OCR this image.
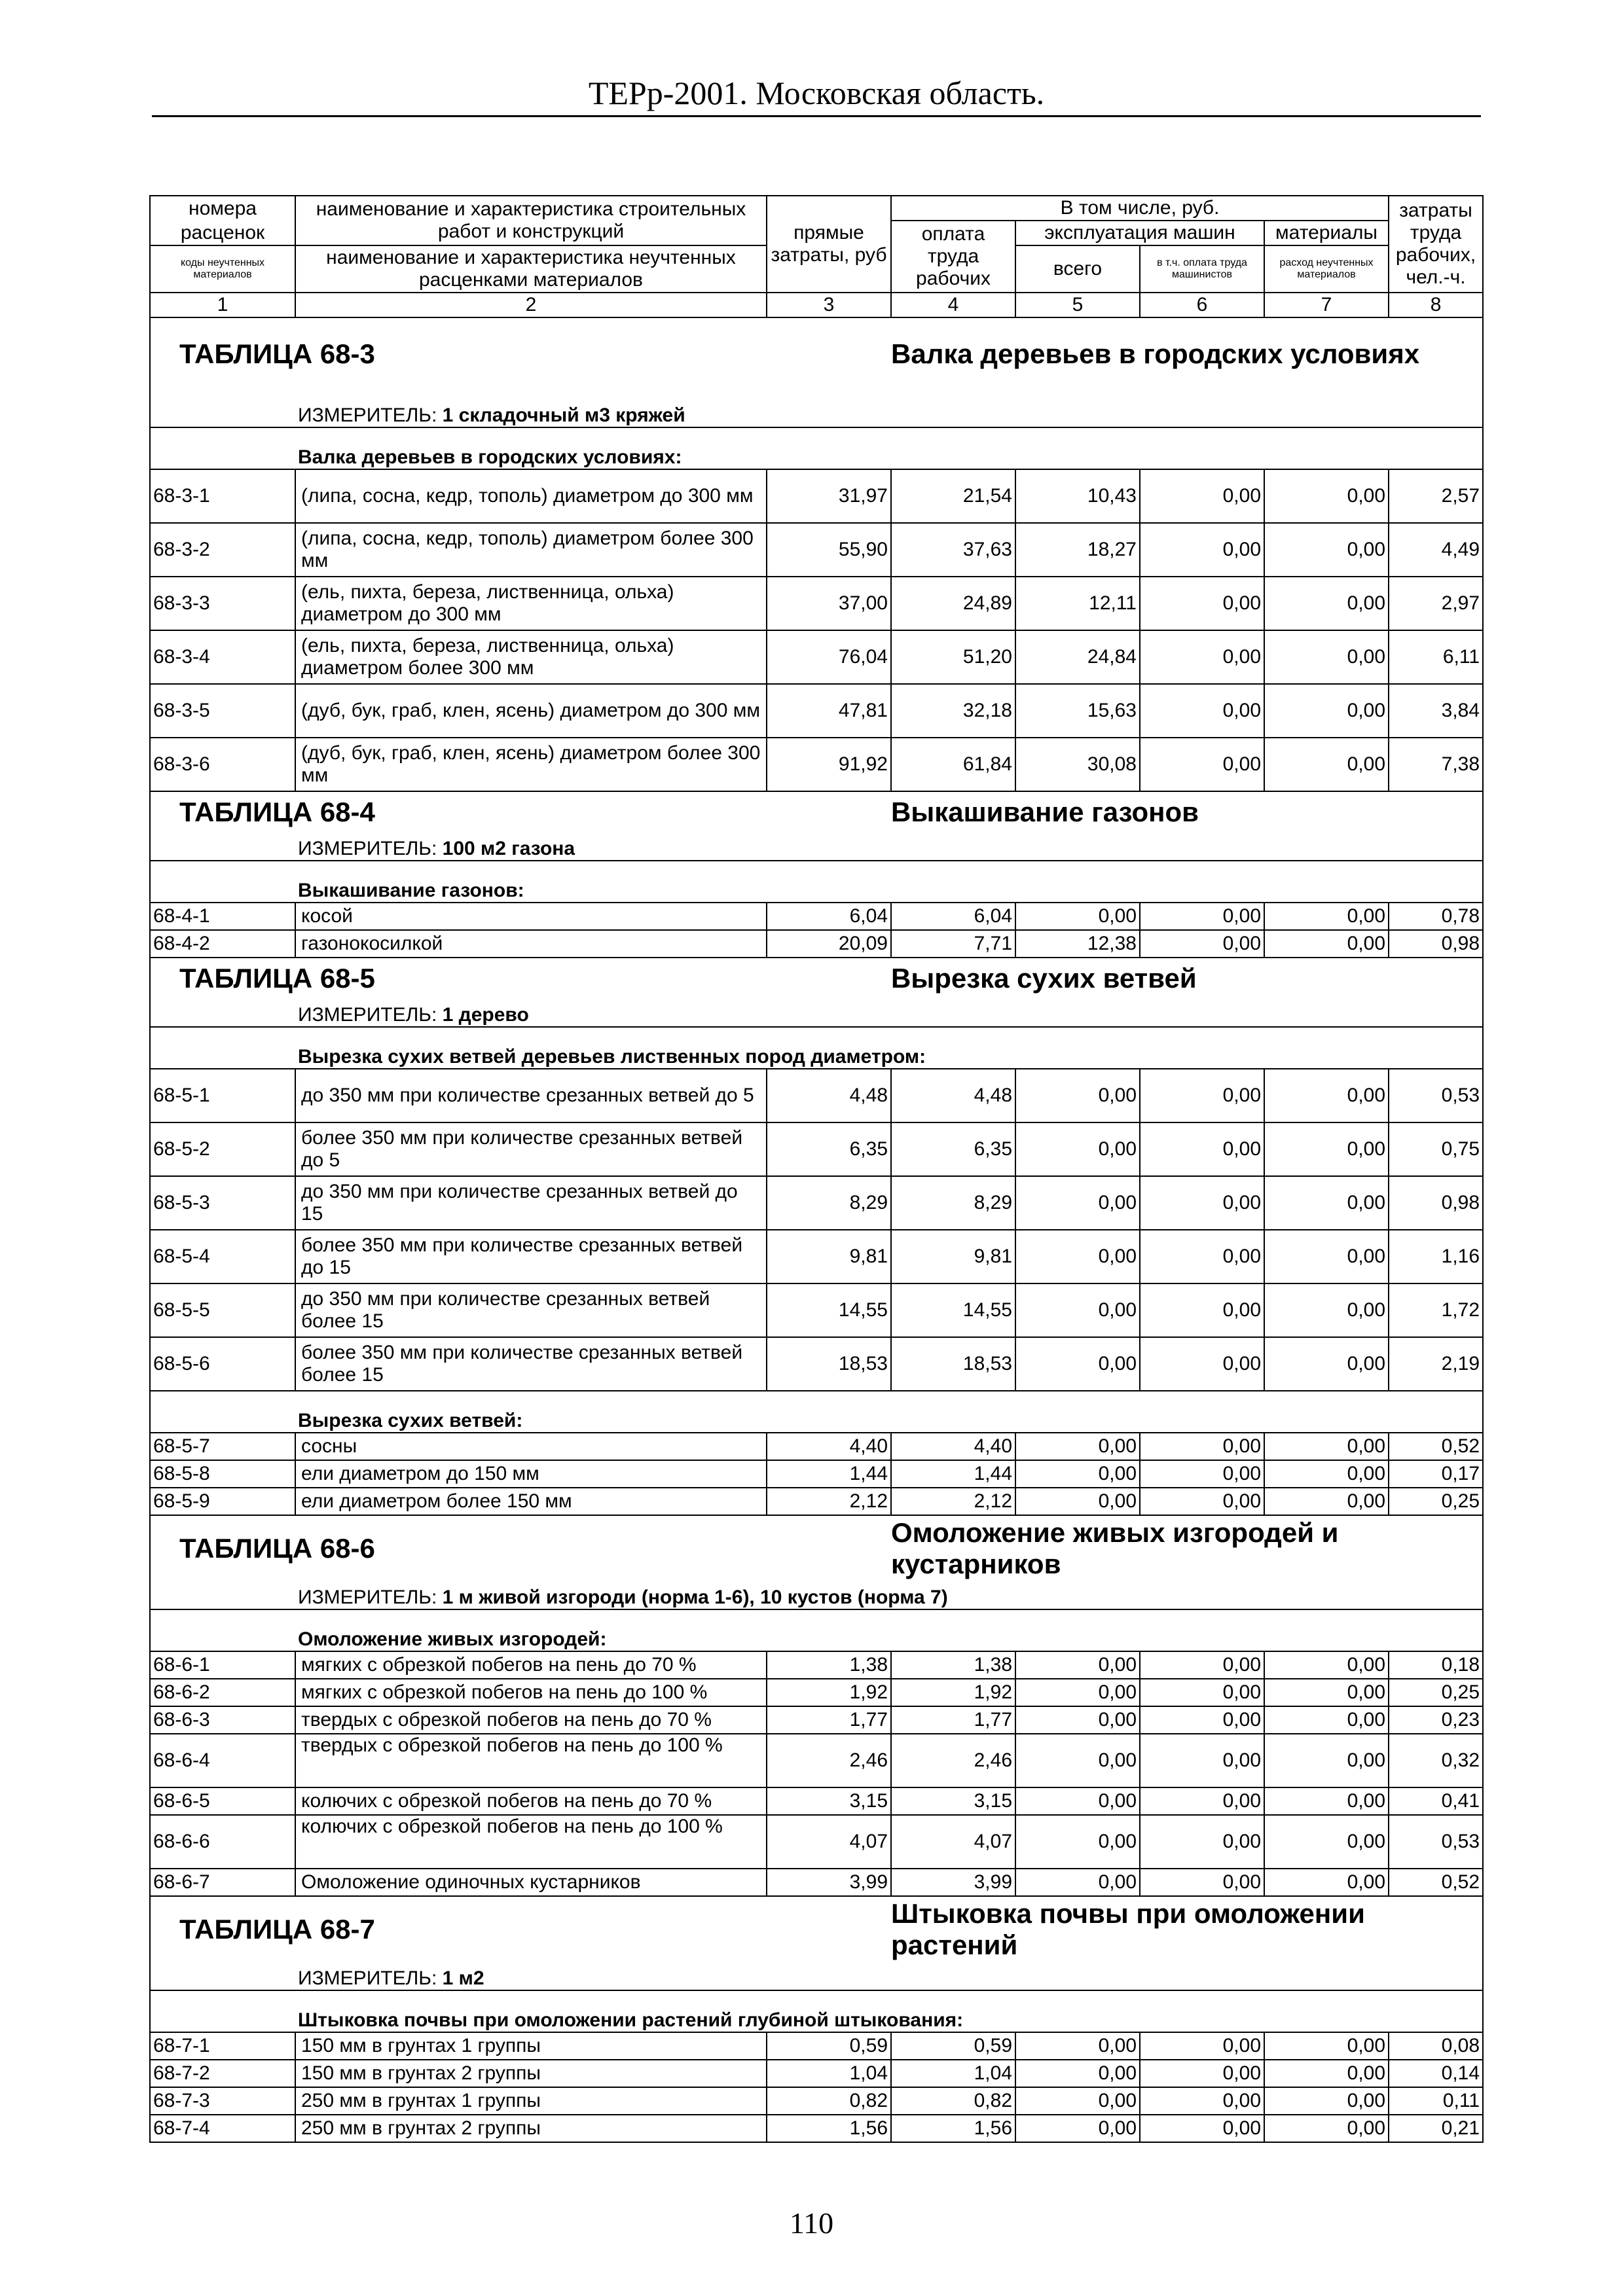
ТЕРр-2001. Московская область.
номера	наименование и характеристика строительных работ и конструкций	прямые затраты, руб	В том числе, руб.				затраты труда рабочих, чел.-ч.
расценок			оплата труда рабочих	эксплуатация машин		материалы	
коды неучтенных материалов	наименование и характеристика неучтенных расценками материалов			всего	в т.ч. оплата труда машинистов	расход неучтенных материалов	

1	2	3	4	5	6	7	8
ТАБЛИЦА 68-3			Валка деревьев в городских условиях				
	ИЗМЕРИТЕЛЬ: 1 складочный м3 кряжей						
	Валка деревьев в городских условиях:						
68-3-1	(липа, сосна, кедр, тополь) диаметром до 300 мм	31,97	21,54	10,43	0,00	0,00	2,57
68-3-2	(липа, сосна, кедр, тополь) диаметром более 300 мм	55,90	37,63	18,27	0,00	0,00	4,49
68-3-3	(ель, пихта, береза, лиственница, ольха) диаметром до 300 мм	37,00	24,89	12,11	0,00	0,00	2,97
68-3-4	(ель, пихта, береза, лиственница, ольха) диаметром более 300 мм	76,04	51,20	24,84	0,00	0,00	6,11
68-3-5	(дуб, бук, граб, клен, ясень) диаметром до 300 мм	47,81	32,18	15,63	0,00	0,00	3,84
68-3-6	(дуб, бук, граб, клен, ясень) диаметром более 300 мм	91,92	61,84	30,08	0,00	0,00	7,38
ТАБЛИЦА 68-4			Выкашивание газонов				
	ИЗМЕРИТЕЛЬ: 100 м2 газона						
	Выкашивание газонов:						
68-4-1	косой	6,04	6,04	0,00	0,00	0,00	0,78
68-4-2	газонокосилкой	20,09	7,71	12,38	0,00	0,00	0,98
ТАБЛИЦА 68-5			Вырезка сухих ветвей				
	ИЗМЕРИТЕЛЬ: 1 дерево						
	Вырезка сухих ветвей деревьев лиственных пород диаметром:						
68-5-1	до 350 мм при количестве срезанных ветвей до 5	4,48	4,48	0,00	0,00	0,00	0,53
68-5-2	более 350 мм при количестве срезанных ветвей до 5	6,35	6,35	0,00	0,00	0,00	0,75
68-5-3	до 350 мм при количестве срезанных ветвей до 15	8,29	8,29	0,00	0,00	0,00	0,98
68-5-4	более 350 мм при количестве срезанных ветвей до 15	9,81	9,81	0,00	0,00	0,00	1,16
68-5-5	до 350 мм при количестве срезанных ветвей более 15	14,55	14,55	0,00	0,00	0,00	1,72
68-5-6	более 350 мм при количестве срезанных ветвей более 15	18,53	18,53	0,00	0,00	0,00	2,19
	Вырезка сухих ветвей:						
68-5-7	сосны	4,40	4,40	0,00	0,00	0,00	0,52
68-5-8	ели диаметром до 150 мм	1,44	1,44	0,00	0,00	0,00	0,17
68-5-9	ели диаметром более 150 мм	2,12	2,12	0,00	0,00	0,00	0,25
ТАБЛИЦА 68-6			Омоложение живых изгородей и кустарников				
	ИЗМЕРИТЕЛЬ: 1 м живой изгороди (норма 1-6), 10 кустов (норма 7)						
	Омоложение живых изгородей:						
68-6-1	мягких с обрезкой побегов на пень до 70 %	1,38	1,38	0,00	0,00	0,00	0,18
68-6-2	мягких с обрезкой побегов на пень до 100 %	1,92	1,92	0,00	0,00	0,00	0,25
68-6-3	твердых с обрезкой побегов на пень до 70 %	1,77	1,77	0,00	0,00	0,00	0,23
68-6-4	твердых с обрезкой побегов на пень до 100 %	2,46	2,46	0,00	0,00	0,00	0,32
68-6-5	колючих с обрезкой побегов на пень до 70 %	3,15	3,15	0,00	0,00	0,00	0,41
68-6-6	колючих с обрезкой побегов на пень до 100 %	4,07	4,07	0,00	0,00	0,00	0,53
68-6-7	Омоложение одиночных кустарников	3,99	3,99	0,00	0,00	0,00	0,52
ТАБЛИЦА 68-7			Штыковка почвы при омоложении растений				
	ИЗМЕРИТЕЛЬ: 1 м2						
	Штыковка почвы при омоложении растений глубиной штыкования:						
68-7-1	150 мм в грунтах 1 группы	0,59	0,59	0,00	0,00	0,00	0,08
68-7-2	150 мм в грунтах 2 группы	1,04	1,04	0,00	0,00	0,00	0,14
68-7-3	250 мм в грунтах 1 группы	0,82	0,82	0,00	0,00	0,00	0,11
68-7-4	250 мм в грунтах 2 группы	1,56	1,56	0,00	0,00	0,00	0,21
110
